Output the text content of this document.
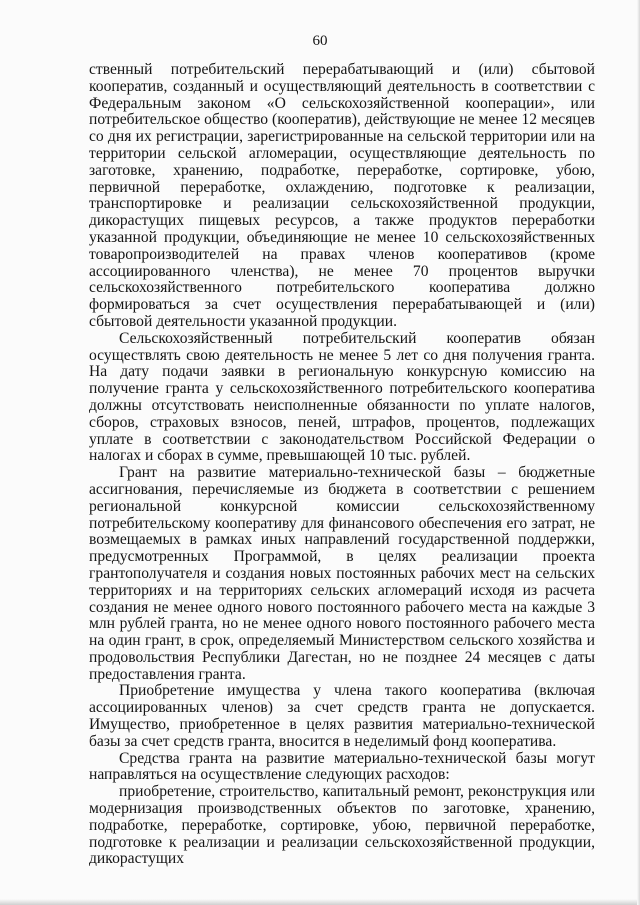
60

ственный потребительский перерабатывающий и (или) сбытовой кооператив, созданный и осуществляющий деятельность в соответствии с Федеральным законом «О сельскохозяйственной кооперации», или потребительское общество (кооператив), действующие не менее 12 месяцев со дня их регистрации, зарегистрированные на сельской территории или на территории сельской агломерации, осуществляющие деятельность по заготовке, хранению, подработке, переработке, сортировке, убою, первичной переработке, охлаждению, подготовке к реализации, транспортировке и реализации сельскохозяйственной продукции, дикорастущих пищевых ресурсов, а также продуктов переработки указанной продукции, объединяющие не менее 10 сельскохозяйственных товаропроизводителей на правах членов кооперативов (кроме ассоциированного членства), не менее 70 процентов выручки сельскохозяйственного потребительского кооператива должно формироваться за счет осуществления перерабатывающей и (или) сбытовой деятельности указанной продукции.

Сельскохозяйственный потребительский кооператив обязан осуществлять свою деятельность не менее 5 лет со дня получения гранта. На дату подачи заявки в региональную конкурсную комиссию на получение гранта у сельскохозяйственного потребительского кооператива должны отсутствовать неисполненные обязанности по уплате налогов, сборов, страховых взносов, пеней, штрафов, процентов, подлежащих уплате в соответствии с законодательством Российской Федерации о налогах и сборах в сумме, превышающей 10 тыс. рублей.

Грант на развитие материально-технической базы – бюджетные ассигнования, перечисляемые из бюджета в соответствии с решением региональной конкурсной комиссии сельскохозяйственному потребительскому кооперативу для финансового обеспечения его затрат, не возмещаемых в рамках иных направлений государственной поддержки, предусмотренных Программой, в целях реализации проекта грантополучателя и создания новых постоянных рабочих мест на сельских территориях и на территориях сельских агломераций исходя из расчета создания не менее одного нового постоянного рабочего места на каждые 3 млн рублей гранта, но не менее одного нового постоянного рабочего места на один грант, в срок, определяемый Министерством сельского хозяйства и продовольствия Республики Дагестан, но не позднее 24 месяцев с даты предоставления гранта.

Приобретение имущества у члена такого кооператива (включая ассоциированных членов) за счет средств гранта не допускается. Имущество, приобретенное в целях развития материально-технической базы за счет средств гранта, вносится в неделимый фонд кооператива.

Средства гранта на развитие материально-технической базы могут направляться на осуществление следующих расходов:

приобретение, строительство, капитальный ремонт, реконструкция или модернизация производственных объектов по заготовке, хранению, подработке, переработке, сортировке, убою, первичной переработке, подготовке к реализации и реализации сельскохозяйственной продукции, дикорастущих
